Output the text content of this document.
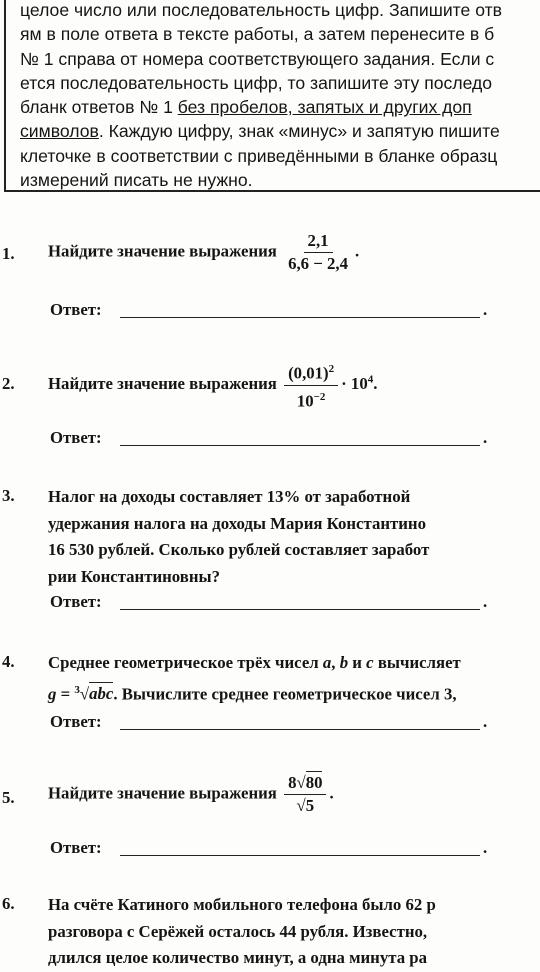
целое число или последовательность цифр. Запишите отв
ям в поле ответа в тексте работы, а затем перенесите в б
№ 1 справа от номера соответствующего задания. Если с
ется последовательность цифр, то запишите эту последо
бланк ответов № 1 без пробелов, запятых и других доп
символов. Каждую цифру, знак «минус» и запятую пишите
клеточке в соответствии с приведёнными в бланке образц
измерений писать не нужно.
1. Найдите значение выражения $\frac{2,1}{6,6 - 2,4}$ .
Ответ:	.
2. Найдите значение выражения $\frac{(0,01)^2}{10^{-2}} \cdot 10^4$.
Ответ:	.
3. Налог на доходы составляет 13% от заработной
удержания налога на доходы Мария Константино
16 530 рублей. Сколько рублей составляет заработ
рии Константиновны?
Ответ:	.
4. Среднее геометрическое трёх чисел a, b и c вычисляет
g = $^3$√abc. Вычислите среднее геометрическое чисел 3,
Ответ:	.
5. Найдите значение выражения $\frac{8√80}{√5}$ .
Ответ:	.
6. На счёте Катиного мобильного телефона было 62 р
разговора с Серёжей осталось 44 рубля. Известно,
длился целое количество минут, а одна минута ра
